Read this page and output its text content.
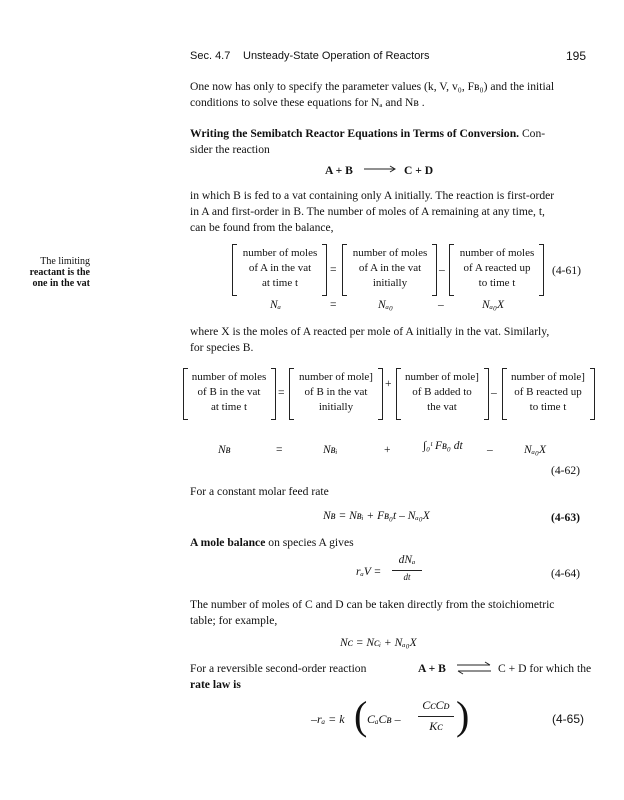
Sec. 4.7 Unsteady-State Operation of Reactors	195
One now has only to specify the parameter values (k, V, v₀, Fʙ₀) and the initial
conditions to solve these equations for Nₐ and Nʙ .
Writing the Semibatch Reactor Equations in Terms of Conversion. Con-
sider the reaction
A + B → C + D
in which B is fed to a vat containing only A initially. The reaction is first-order
in A and first-order in B. The number of moles of A remaining at any time, t,
can be found from the balance,
The limiting
reactant is the
one in the vat
number of moles
of A in the vat
at time t
=
number of moles
of A in the vat
initially
–
number of moles
of A reacted up
to time t
(4-61)
Nₐ	=	Nₐ₀	–	Nₐ₀X
where X is the moles of A reacted per mole of A initially in the vat. Similarly,
for species B.
number of moles
of B in the vat
at time t
=
number of mole]
of B in the vat
initially
+	number of mole]
of B added to
the vat
–
number of mole]
of B reacted up
to time t
Nʙ	=	Nʙᵢ	+	∫₀ᵗ Fʙ₀ dt –	Nₐ₀X
(4-62)
For a constant molar feed rate
Nʙ = Nʙᵢ + Fʙ₀t – Nₐ₀X	(4-63)
A mole balance on species A gives
rₐV =
dNₐ
dt	(4-64)
The number of moles of C and D can be taken directly from the stoichiometric
table; for example,
Nᴄ = Nᴄᵢ + Nₐ₀X
For a reversible second-order reaction	A + B ⇌ C + D for which the
rate law is
–rₐ = k ( CₐCʙ –
CᴄCᴅ
Kᴄ )	(4-65)
